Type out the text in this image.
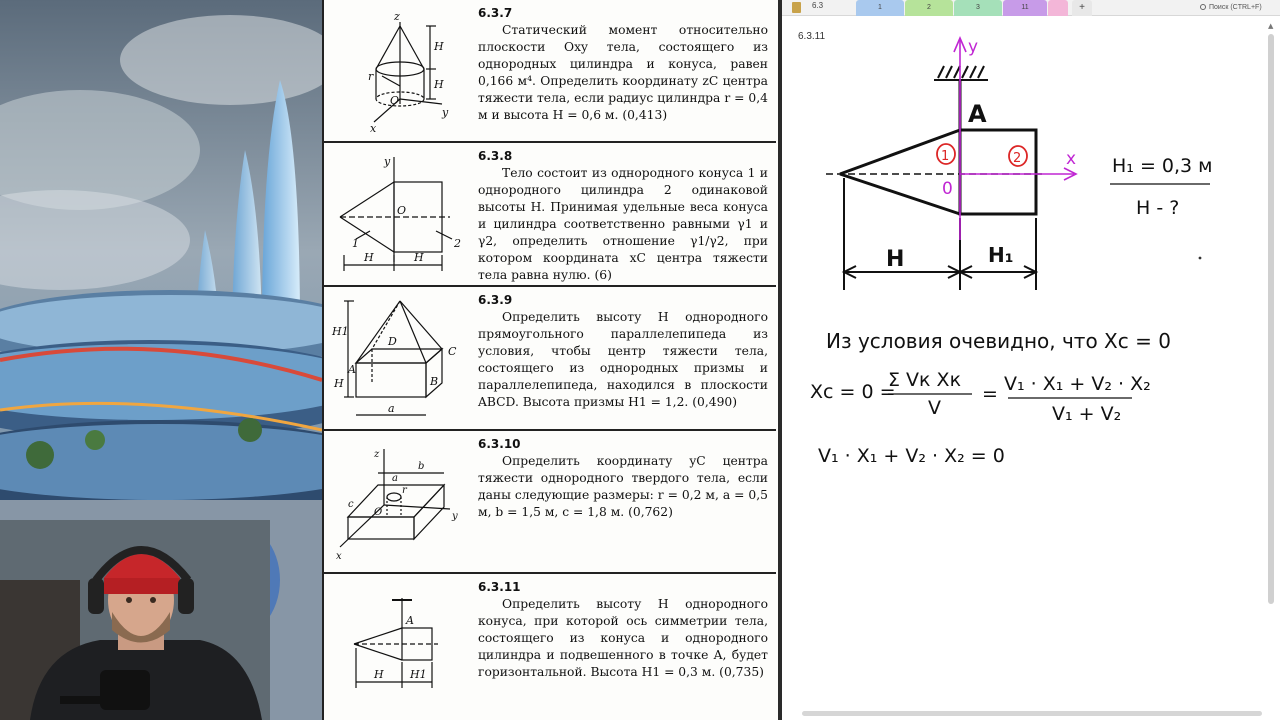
z
H
H
r
O
x
y
6.3.7
Статический момент относительно плоскости Oxy тела, состоящего из однородных цилиндра и конуса, равен 0,166 м⁴. Определить координату zC центра тяжести тела, если радиус цилиндра r = 0,4 м и высота H = 0,6 м. (0,413)
y
O
1	2
H	H
6.3.8
Тело состоит из однородного конуса 1 и однородного цилиндра 2 одинаковой высоты H. Принимая удельные веса конуса и цилиндра соответственно равными γ1 и γ2, определить отношение γ1/γ2, при котором координата xC центра тяжести тела равна нулю. (6)
H1
D
C
A
B
H
a
6.3.9
Определить высоту H однородного прямоугольного параллелепипеда из условия, чтобы центр тяжести тела, состоящего из однородных призмы и параллелепипеда, находился в плоскости ABCD. Высота призмы H1 = 1,2. (0,490)
z
a
b
c
O
r
x
y
6.3.10
Определить координату yC центра тяжести однородного твердого тела, если даны следующие размеры: r = 0,2 м, a = 0,5 м, b = 1,5 м, c = 1,8 м. (0,762)
A
H H1
6.3.11
Определить высоту H однородного конуса, при которой ось симметрии тела, состоящего из конуса и однородного цилиндра и подвешенного в точке A, будет горизонтальной. Высота H1 = 0,3 м. (0,735)
6.3	1	2	3	11	+	Поиск (CTRL+F)
6.3.11
▲
y
x
A
0
1	2
H	H₁
H₁ = 0,3 м
H - ?
Из условия очевидно, что Xc = 0
Xc = 0 =
Σ Vк Xк
V
= V₁ · X₁ + V₂ · X₂
V₁ + V₂
V₁ · X₁ + V₂ · X₂ = 0
